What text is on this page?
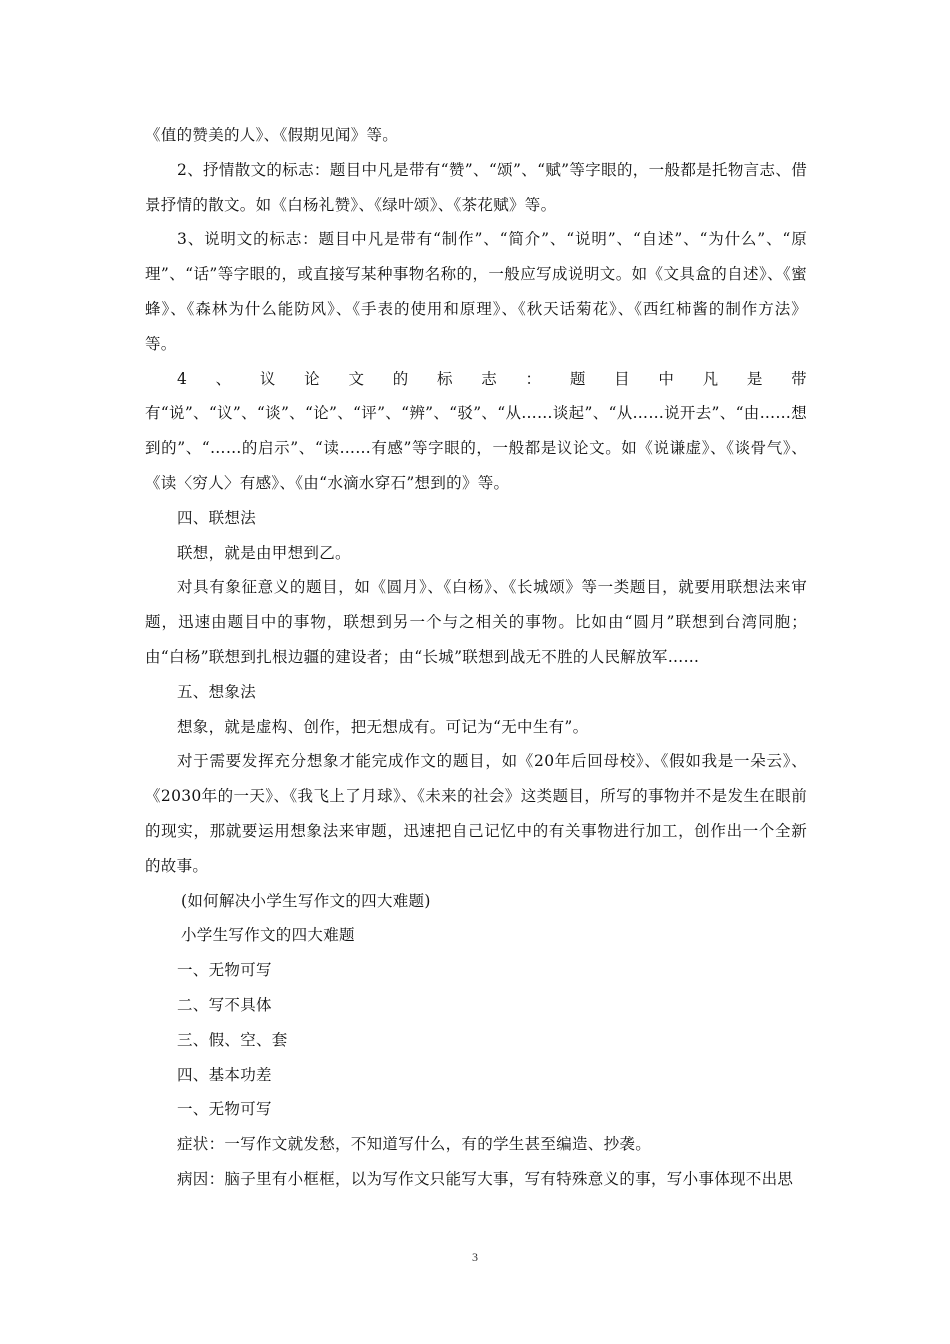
《值的赞美的人》、《假期见闻》等。

2、抒情散文的标志：题目中凡是带有“赞”、“颂”、“赋”等字眼的，一般都是托物言志、借景抒情的散文。如《白杨礼赞》、《绿叶颂》、《茶花赋》等。

3、说明文的标志：题目中凡是带有“制作”、“简介”、“说明”、“自述”、“为什么”、“原理”、“话”等字眼的，或直接写某种事物名称的，一般应写成说明文。如《文具盒的自述》、《蜜蜂》、《森林为什么能防风》、《手表的使用和原理》、《秋天话菊花》、《西红柿酱的制作方法》等。

4、议论文的标志：题目中凡是带有“说”、“议”、“谈”、“论”、“评”、“辨”、“驳”、“从……谈起”、“从……说开去”、“由……想到的”、“……的启示”、“读……有感”等字眼的，一般都是议论文。如《说谦虚》、《谈骨气》、《读〈穷人〉有感》、《由“水滴水穿石”想到的》等。

四、联想法

联想，就是由甲想到乙。

对具有象征意义的题目，如《圆月》、《白杨》、《长城颂》等一类题目，就要用联想法来审题，迅速由题目中的事物，联想到另一个与之相关的事物。比如由“圆月”联想到台湾同胞；由“白杨”联想到扎根边疆的建设者；由“长城”联想到战无不胜的人民解放军……

五、想象法

想象，就是虚构、创作，把无想成有。可记为“无中生有”。

对于需要发挥充分想象才能完成作文的题目，如《20年后回母校》、《假如我是一朵云》、《2030年的一天》、《我飞上了月球》、《未来的社会》这类题目，所写的事物并不是发生在眼前的现实，那就要运用想象法来审题，迅速把自己记忆中的有关事物进行加工，创作出一个全新的故事。

(如何解决小学生写作文的四大难题)

小学生写作文的四大难题

一、无物可写

二、写不具体

三、假、空、套

四、基本功差

一、无物可写

症状：一写作文就发愁，不知道写什么，有的学生甚至编造、抄袭。

病因：脑子里有小框框，以为写作文只能写大事，写有特殊意义的事，写小事体现不出思

3
